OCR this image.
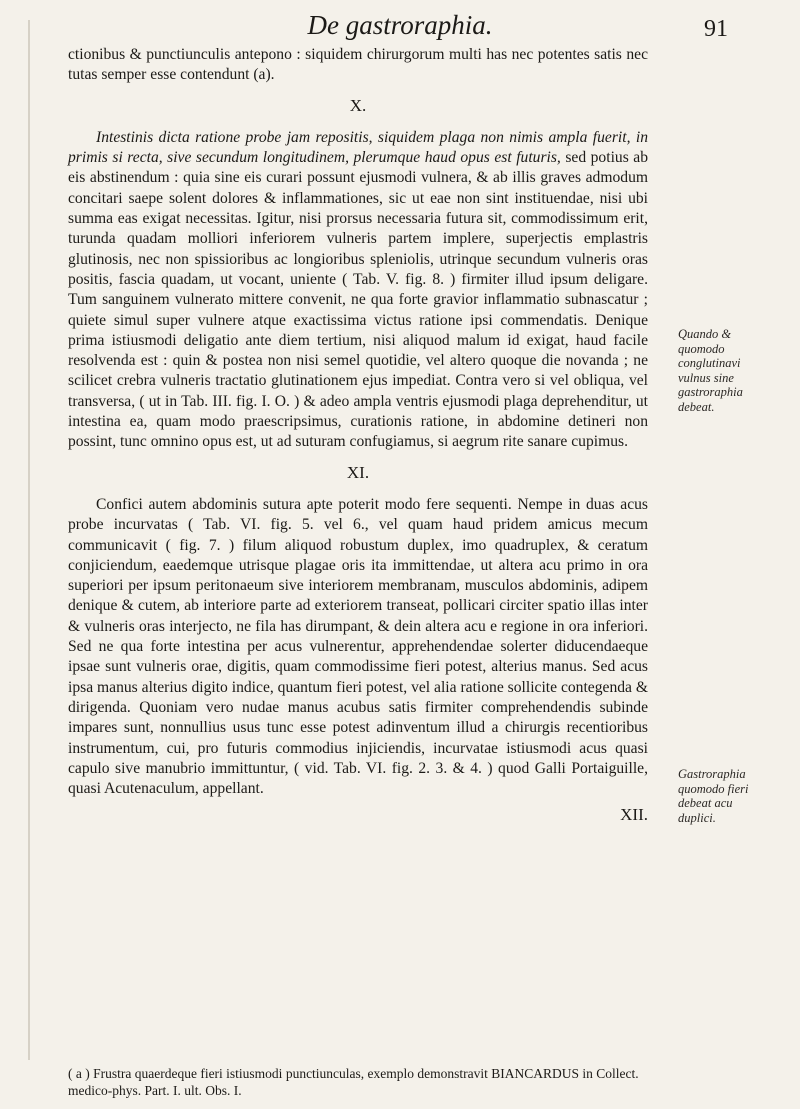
De gastroraphia.	91

ctionibus & punctiunculis antepono : siquidem chirurgorum multi has nec potentes satis nec tutas semper esse contendunt (a).

X.

Intestinis dicta ratione probe jam repositis, siquidem plaga non nimis ampla fuerit, in primis si recta, sive secundum longitudinem, plerumque haud opus est futuris, sed potius ab eis abstinendum : quia sine eis curari possunt ejusmodi vulnera, & ab illis graves admodum concitari saepe solent dolores & inflammationes, sic ut eae non sint instituendae, nisi ubi summa eas exigat necessitas. Igitur, nisi prorsus necessaria futura sit, commodissimum erit, turunda quadam molliori inferiorem vulneris partem implere, superjectis emplastris glutinosis, nec non spissioribus ac longioribus spleniolis, utrinque secundum vulneris oras positis, fascia quadam, ut vocant, uniente ( Tab. V. fig. 8. ) firmiter illud ipsum deligare. Tum sanguinem vulnerato mittere convenit, ne qua forte gravior inflammatio subnascatur ; quiete simul super vulnere atque exactissima victus ratione ipsi commendatis. Denique prima istiusmodi deligatio ante diem tertium, nisi aliquod malum id exigat, haud facile resolvenda est : quin & postea non nisi semel quotidie, vel altero quoque die novanda ; ne scilicet crebra vulneris tractatio glutinationem ejus impediat. Contra vero si vel obliqua, vel transversa, ( ut in Tab. III. fig. I. O. ) & adeo ampla ventris ejusmodi plaga deprehenditur, ut intestina ea, quam modo praescripsimus, curationis ratione, in abdomine detineri non possint, tunc omnino opus est, ut ad suturam confugiamus, si aegrum rite sanare cupimus.

XI.

Confici autem abdominis sutura apte poterit modo fere sequenti. Nempe in duas acus probe incurvatas ( Tab. VI. fig. 5. vel 6., vel quam haud pridem amicus mecum communicavit ( fig. 7. ) filum aliquod robustum duplex, imo quadruplex, & ceratum conjiciendum, eaedemque utrisque plagae oris ita immittendae, ut altera acu primo in ora superiori per ipsum peritonaeum sive interiorem membranam, musculos abdominis, adipem denique & cutem, ab interiore parte ad exteriorem transeat, pollicari circiter spatio illas inter & vulneris oras interjecto, ne fila has dirumpant, & dein altera acu e regione in ora inferiori. Sed ne qua forte intestina per acus vulnerentur, apprehendendae solerter diducendaeque ipsae sunt vulneris orae, digitis, quam commodissime fieri potest, alterius manus. Sed acus ipsa manus alterius digito indice, quantum fieri potest, vel alia ratione sollicite contegenda & dirigenda. Quoniam vero nudae manus acubus satis firmiter comprehendendis subinde impares sunt, nonnullius usus tunc esse potest adinventum illud a chirurgis recentioribus instrumentum, cui, pro futuris commodius injiciendis, incurvatae istiusmodi acus quasi capulo sive manubrio immittuntur, ( vid. Tab. VI. fig. 2. 3. & 4. ) quod Galli Portaiguille, quasi Acutenaculum, appellant.

XII.
Quando & quomodo conglutinavi vulnus sine gastroraphia debeat.
Gastroraphia quomodo fieri debeat acu duplici.
( a ) Frustra quaerdeque fieri istiusmodi punctiunculas, exemplo demonstravit BIANCARDUS in Collect. medico-phys. Part. I. ult. Obs. I.
